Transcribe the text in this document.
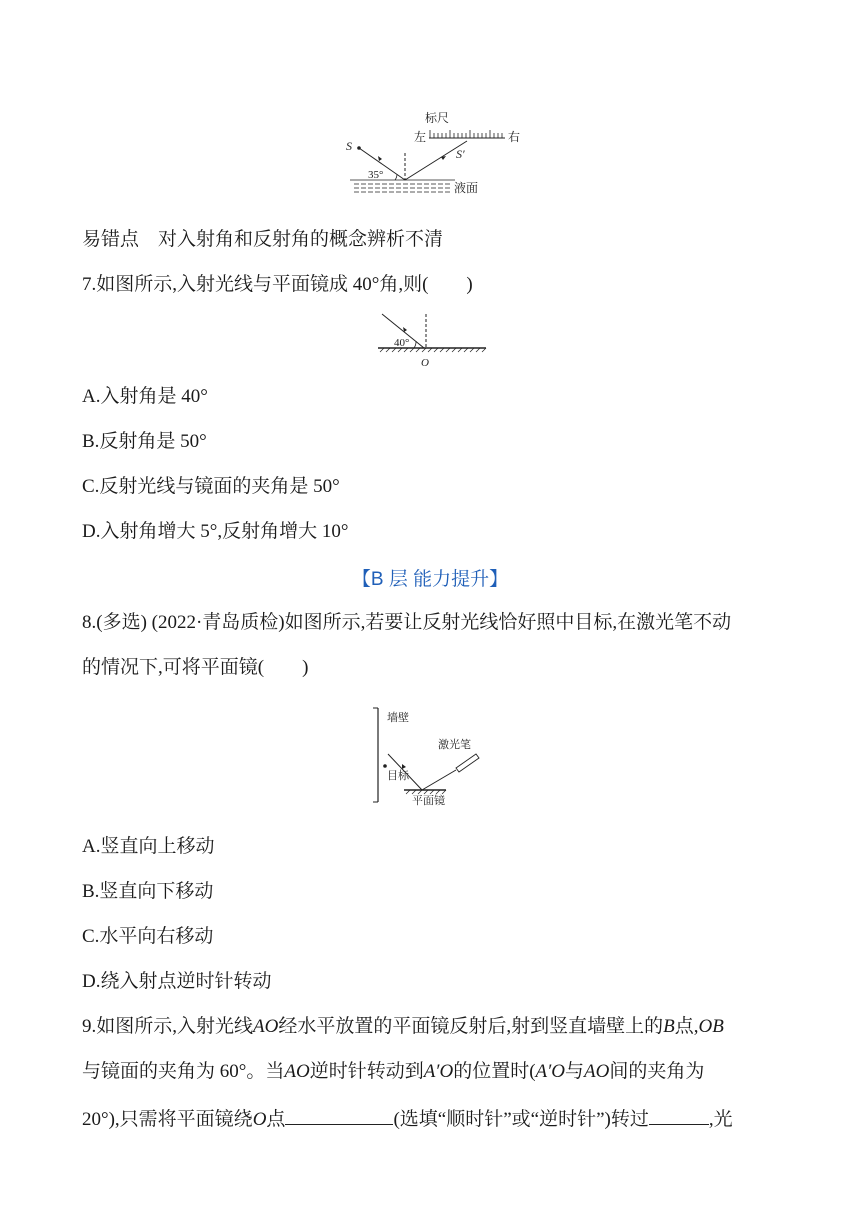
标尺
左	右
S
S′
35°
液面
易错点　对入射角和反射角的概念辨析不清
7.如图所示,入射光线与平面镜成 40°角,则(　　)
40°
O
A.入射角是 40°
B.反射角是 50°
C.反射光线与镜面的夹角是 50°
D.入射角增大 5°,反射角增大 10°
【B 层 能力提升】
8.(多选) (2022·青岛质检)如图所示,若要让反射光线恰好照中目标,在激光笔不动
的情况下,可将平面镜(　　)
墙壁
激光笔
目标
平面镜
A.竖直向上移动
B.竖直向下移动
C.水平向右移动
D.绕入射点逆时针转动
9.如图所示,入射光线AO经水平放置的平面镜反射后,射到竖直墙壁上的B点,OB
与镜面的夹角为 60°。当AO逆时针转动到A′O的位置时(A′O与AO间的夹角为
20°),只需将平面镜绕O点	(选填“顺时针”或“逆时针”)转过	,光
